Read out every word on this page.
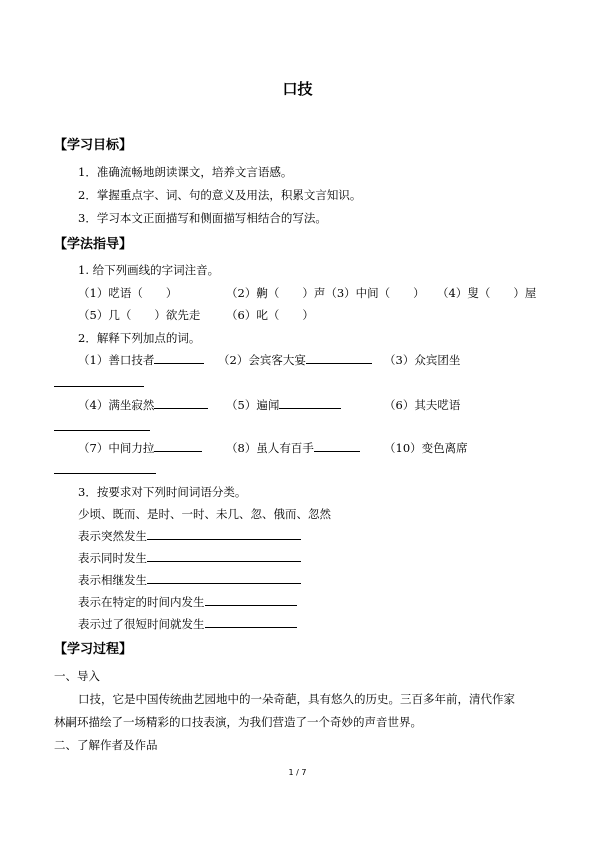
口技
【学习目标】
1．准确流畅地朗读课文，培养文言语感。
2．掌握重点字、词、句的意义及用法，积累文言知识。
3．学习本文正面描写和侧面描写相结合的写法。
【学法指导】
1. 给下列画线的字词注音。
（1）呓语（　　）	（2）齁（　　）声（3）中间（　　） （4）叟（　　）屋
（5）几（　　）欲先走 （6）叱（　　）
2．解释下列加点的词。
（1）善口技者	（2）会宾客大宴	（3）众宾团坐
（4）满坐寂然	（5）遍闻	（6）其夫呓语
（7）中间力拉	（8）虽人有百手	（10）变色离席
3．按要求对下列时间词语分类。
少顷、既而、是时、一时、未几、忽、俄而、忽然
表示突然发生
表示同时发生
表示相继发生
表示在特定的时间内发生
表示过了很短时间就发生
【学习过程】
一、导入
口技，它是中国传统曲艺园地中的一朵奇葩，具有悠久的历史。三百多年前，清代作家
林嗣环描绘了一场精彩的口技表演，为我们营造了一个奇妙的声音世界。
二、了解作者及作品
1 / 7
